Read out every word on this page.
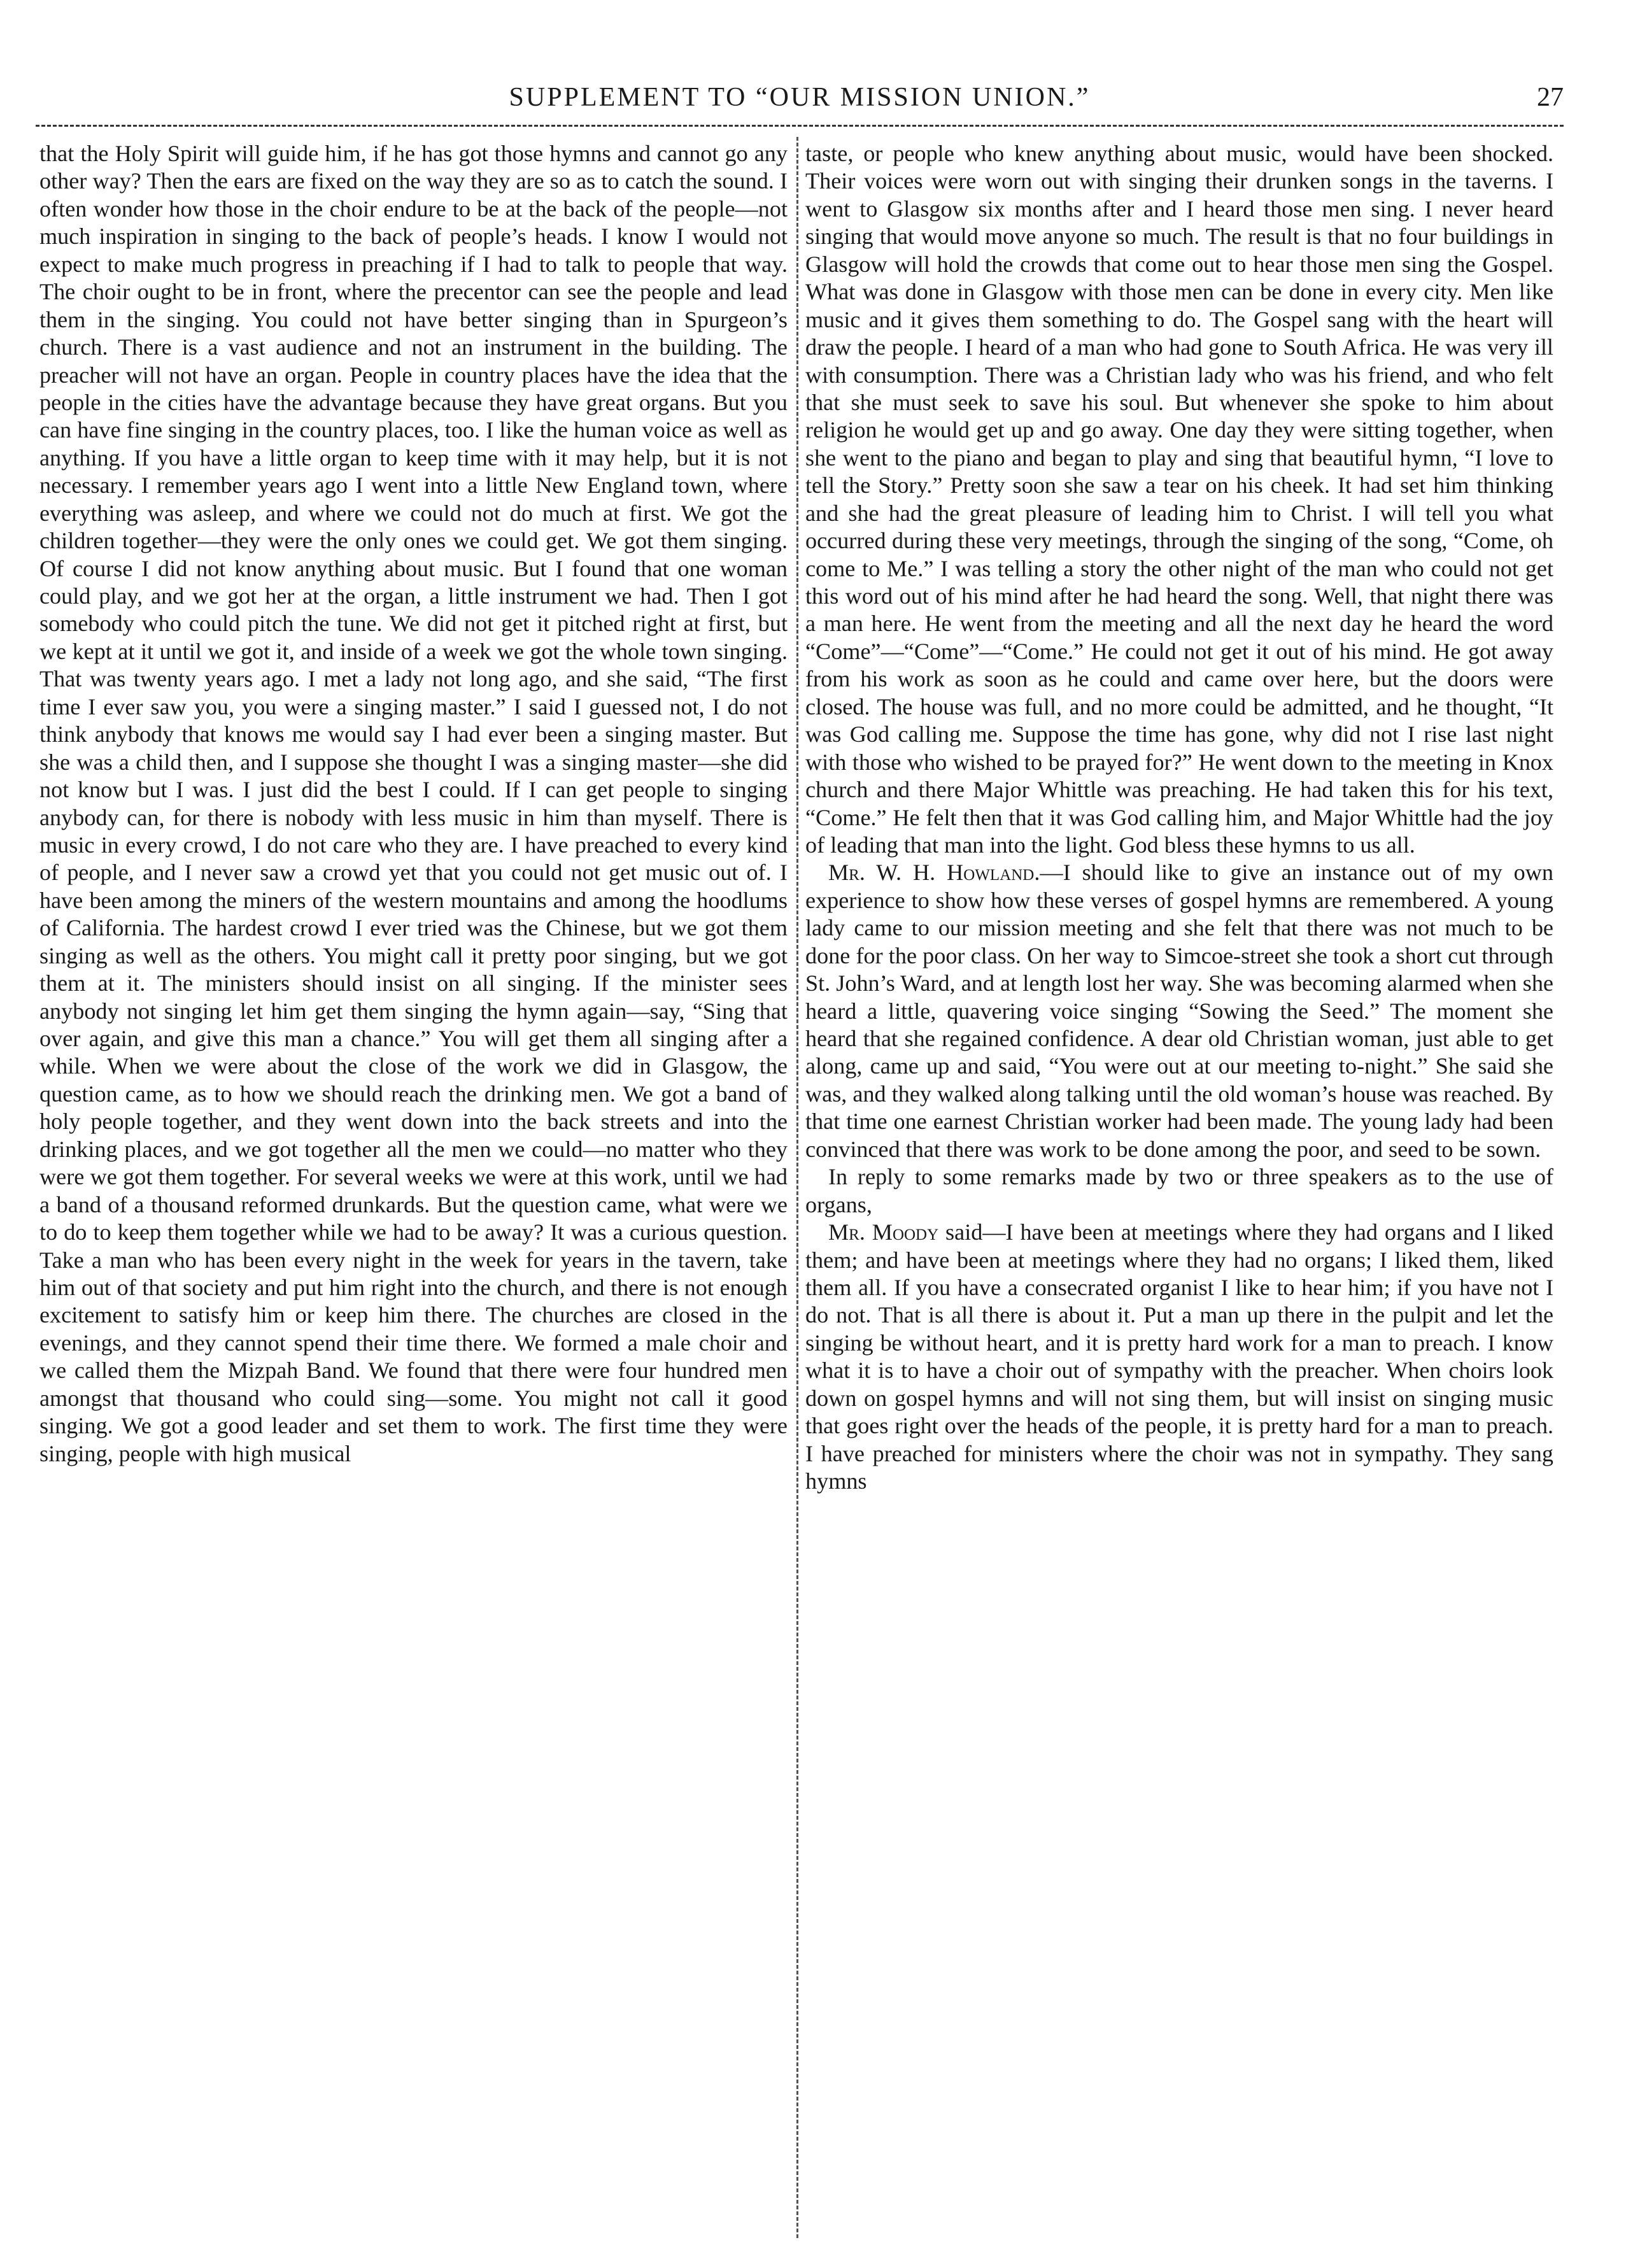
SUPPLEMENT TO “OUR MISSION UNION.”	27

that the Holy Spirit will guide him, if he has got those hymns and cannot go any other way? Then the ears are fixed on the way they are so as to catch the sound. I often wonder how those in the choir endure to be at the back of the people—not much inspiration in singing to the back of people’s heads. I know I would not expect to make much progress in preaching if I had to talk to people that way. The choir ought to be in front, where the precentor can see the people and lead them in the singing. You could not have better singing than in Spurgeon’s church. There is a vast audience and not an instrument in the building. The preacher will not have an organ. People in country places have the idea that the people in the cities have the advantage because they have great organs. But you can have fine singing in the country places, too. I like the human voice as well as anything. If you have a little organ to keep time with it may help, but it is not necessary. I remember years ago I went into a little New England town, where everything was asleep, and where we could not do much at first. We got the children together—they were the only ones we could get. We got them singing. Of course I did not know anything about music. But I found that one woman could play, and we got her at the organ, a little instrument we had. Then I got somebody who could pitch the tune. We did not get it pitched right at first, but we kept at it until we got it, and inside of a week we got the whole town singing. That was twenty years ago. I met a lady not long ago, and she said, “The first time I ever saw you, you were a singing master.” I said I guessed not, I do not think anybody that knows me would say I had ever been a singing master. But she was a child then, and I suppose she thought I was a singing master—she did not know but I was. I just did the best I could. If I can get people to singing anybody can, for there is nobody with less music in him than myself. There is music in every crowd, I do not care who they are. I have preached to every kind of people, and I never saw a crowd yet that you could not get music out of. I have been among the miners of the western mountains and among the hoodlums of California. The hardest crowd I ever tried was the Chinese, but we got them singing as well as the others. You might call it pretty poor singing, but we got them at it. The ministers should insist on all singing. If the minister sees anybody not singing let him get them singing the hymn again—say, “Sing that over again, and give this man a chance.” You will get them all singing after a while. When we were about the close of the work we did in Glasgow, the question came, as to how we should reach the drinking men. We got a band of holy people together, and they went down into the back streets and into the drinking places, and we got together all the men we could—no matter who they were we got them together. For several weeks we were at this work, until we had a band of a thousand reformed drunkards. But the question came, what were we to do to keep them together while we had to be away? It was a curious question. Take a man who has been every night in the week for years in the tavern, take him out of that society and put him right into the church, and there is not enough excitement to satisfy him or keep him there. The churches are closed in the evenings, and they cannot spend their time there. We formed a male choir and we called them the Mizpah Band. We found that there were four hundred men amongst that thousand who could sing—some. You might not call it good singing. We got a good leader and set them to work. The first time they were singing, people with high musical

taste, or people who knew anything about music, would have been shocked. Their voices were worn out with singing their drunken songs in the taverns. I went to Glasgow six months after and I heard those men sing. I never heard singing that would move anyone so much. The result is that no four buildings in Glasgow will hold the crowds that come out to hear those men sing the Gospel. What was done in Glasgow with those men can be done in every city. Men like music and it gives them something to do. The Gospel sang with the heart will draw the people. I heard of a man who had gone to South Africa. He was very ill with consumption. There was a Christian lady who was his friend, and who felt that she must seek to save his soul. But whenever she spoke to him about religion he would get up and go away. One day they were sitting together, when she went to the piano and began to play and sing that beautiful hymn, “I love to tell the Story.” Pretty soon she saw a tear on his cheek. It had set him thinking and she had the great pleasure of leading him to Christ. I will tell you what occurred during these very meetings, through the singing of the song, “Come, oh come to Me.” I was telling a story the other night of the man who could not get this word out of his mind after he had heard the song. Well, that night there was a man here. He went from the meeting and all the next day he heard the word “Come”—“Come”—“Come.” He could not get it out of his mind. He got away from his work as soon as he could and came over here, but the doors were closed. The house was full, and no more could be admitted, and he thought, “It was God calling me. Suppose the time has gone, why did not I rise last night with those who wished to be prayed for?” He went down to the meeting in Knox church and there Major Whittle was preaching. He had taken this for his text, “Come.” He felt then that it was God calling him, and Major Whittle had the joy of leading that man into the light. God bless these hymns to us all.

Mr. W. H. Howland.—I should like to give an instance out of my own experience to show how these verses of gospel hymns are remembered. A young lady came to our mission meeting and she felt that there was not much to be done for the poor class. On her way to Simcoe-street she took a short cut through St. John’s Ward, and at length lost her way. She was becoming alarmed when she heard a little, quavering voice singing “Sowing the Seed.” The moment she heard that she regained confidence. A dear old Christian woman, just able to get along, came up and said, “You were out at our meeting to-night.” She said she was, and they walked along talking until the old woman’s house was reached. By that time one earnest Christian worker had been made. The young lady had been convinced that there was work to be done among the poor, and seed to be sown.

In reply to some remarks made by two or three speakers as to the use of organs,

Mr. Moody said—I have been at meetings where they had organs and I liked them; and have been at meetings where they had no organs; I liked them, liked them all. If you have a consecrated organist I like to hear him; if you have not I do not. That is all there is about it. Put a man up there in the pulpit and let the singing be without heart, and it is pretty hard work for a man to preach. I know what it is to have a choir out of sympathy with the preacher. When choirs look down on gospel hymns and will not sing them, but will insist on singing music that goes right over the heads of the people, it is pretty hard for a man to preach. I have preached for ministers where the choir was not in sympathy. They sang hymns
